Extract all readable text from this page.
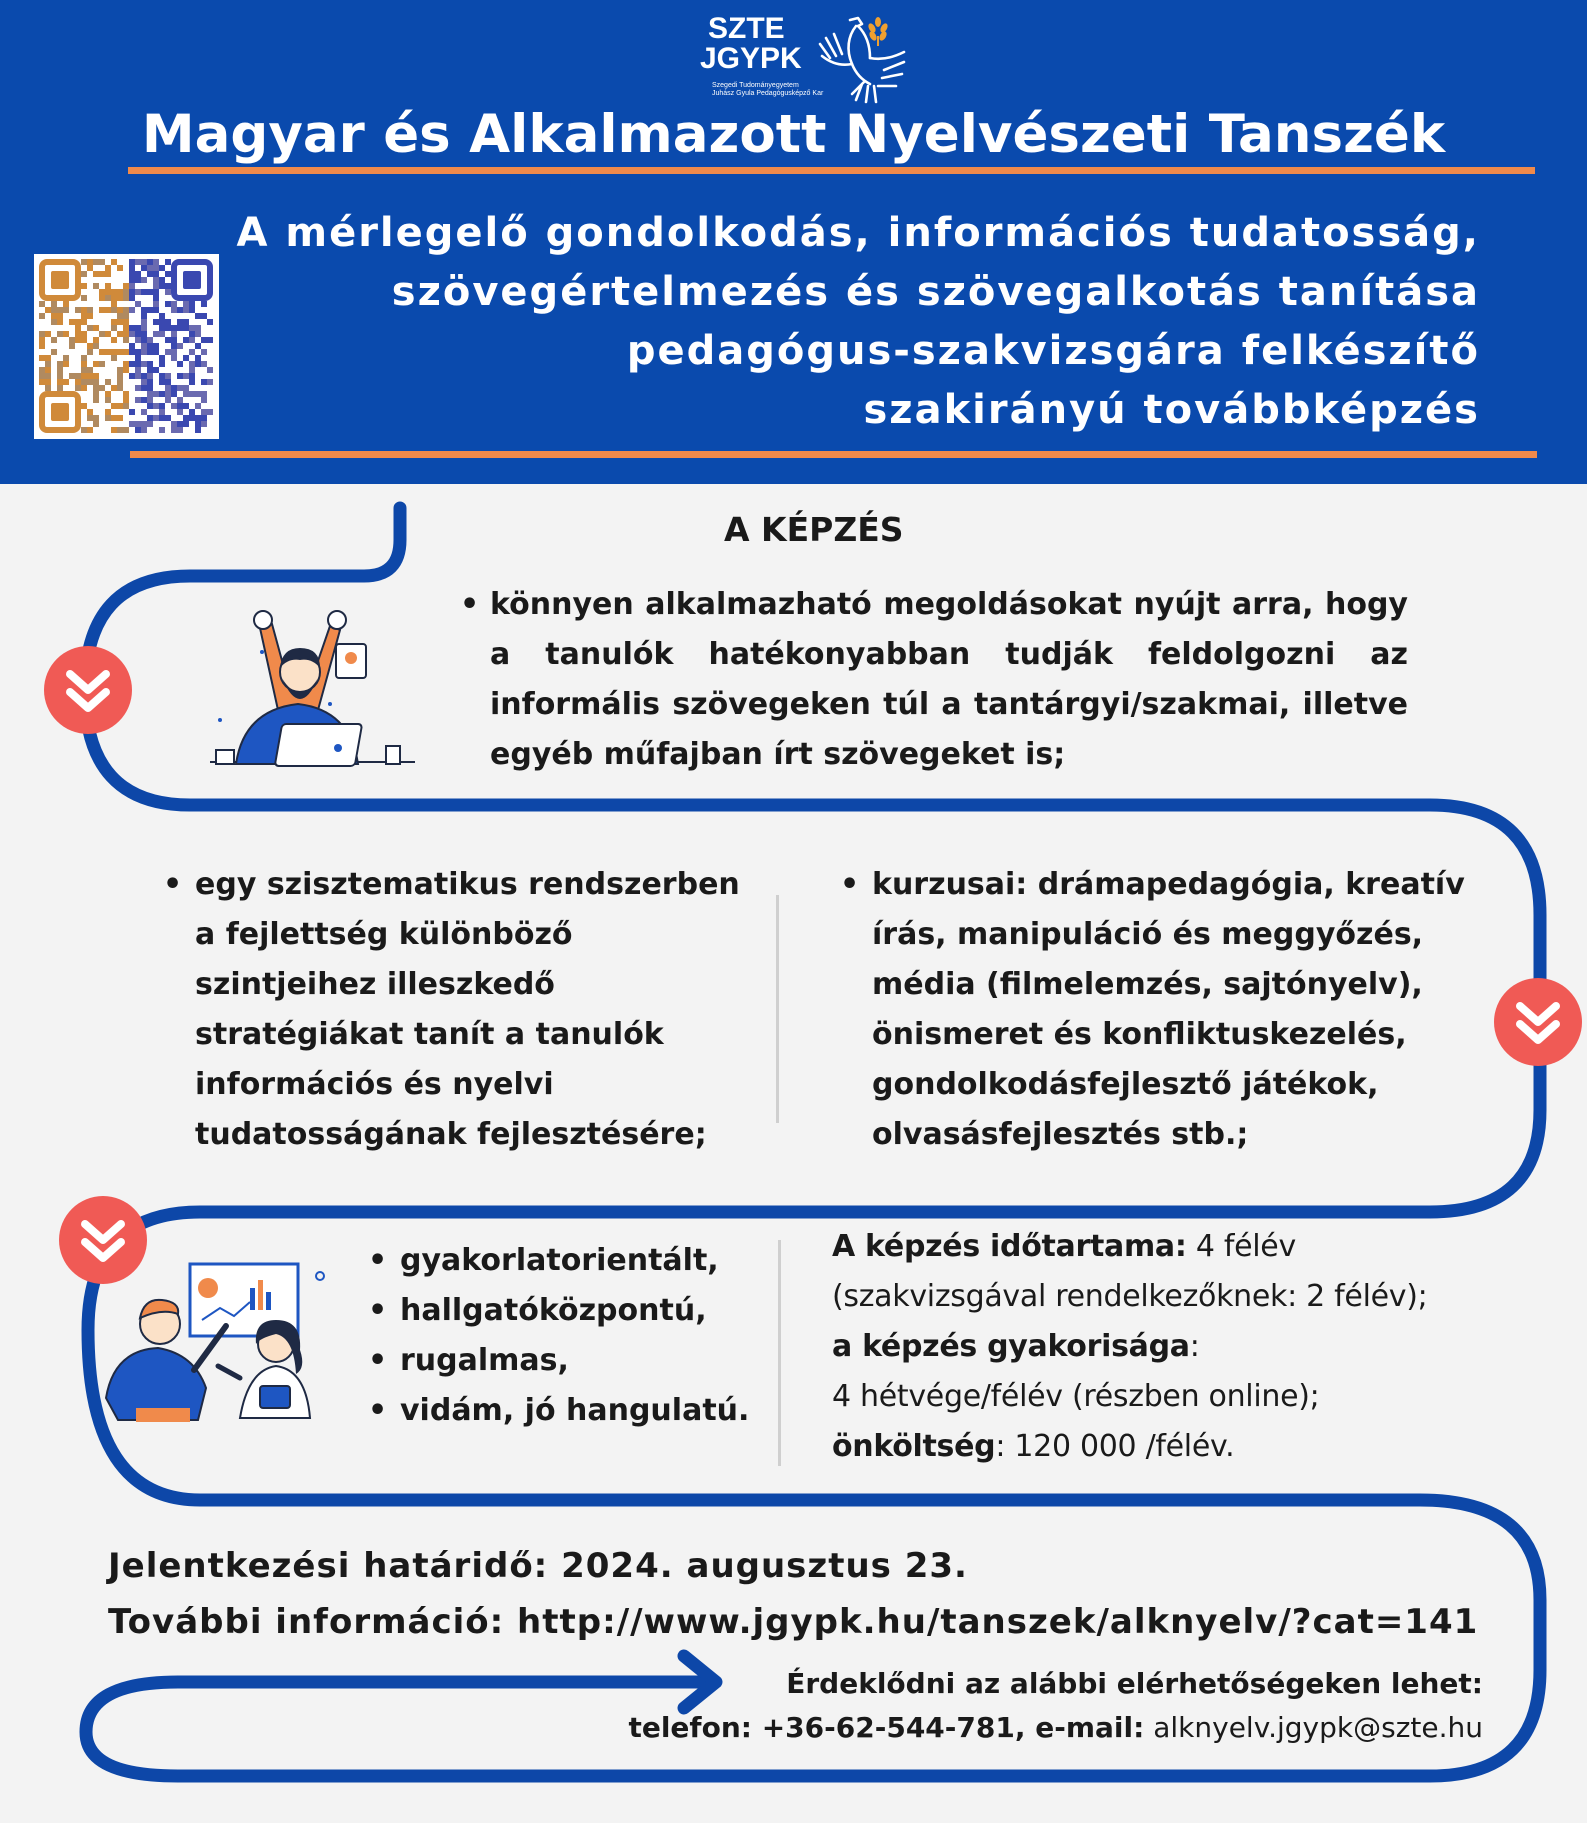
SZTE
JGYPK
Szegedi Tudományegyetem
Juhász Gyula Pedagógusképző Kar
Magyar és Alkalmazott Nyelvészeti Tanszék
A mérlegelő gondolkodás, információs tudatosság,
szövegértelmezés és szövegalkotás tanítása
pedagógus-szakvizsgára felkészítő
szakirányú továbbképzés
A KÉPZÉS
• könnyen alkalmazható megoldásokat nyújt arra, hogy a tanulók hatékonyabban tudják feldolgozni az informális szövegeken túl a tantárgyi/szakmai, illetve egyéb műfajban írt szövegeket is;
• egy szisztematikus rendszerben a fejlettség különböző szintjeihez illeszkedő stratégiákat tanít a tanulók információs és nyelvi tudatosságának fejlesztésére;
• kurzusai: drámapedagógia, kreatív írás, manipuláció és meggyőzés, média (filmelemzés, sajtónyelv), önismeret és konfliktuskezelés, gondolkodásfejlesztő játékok, olvasásfejlesztés stb.;
• gyakorlatorientált,
• hallgatóközpontú,
• rugalmas,
• vidám, jó hangulatú.
A képzés időtartama: 4 félév
(szakvizsgával rendelkezőknek: 2 félév);
a képzés gyakorisága:
4 hétvége/félév (részben online);
önköltség: 120 000 /félév.
Jelentkezési határidő: 2024. augusztus 23.
További információ: http://www.jgypk.hu/tanszek/alknyelv/?cat=141
Érdeklődni az alábbi elérhetőségeken lehet:
telefon: +36-62-544-781, e-mail: alknyelv.jgypk@szte.hu
